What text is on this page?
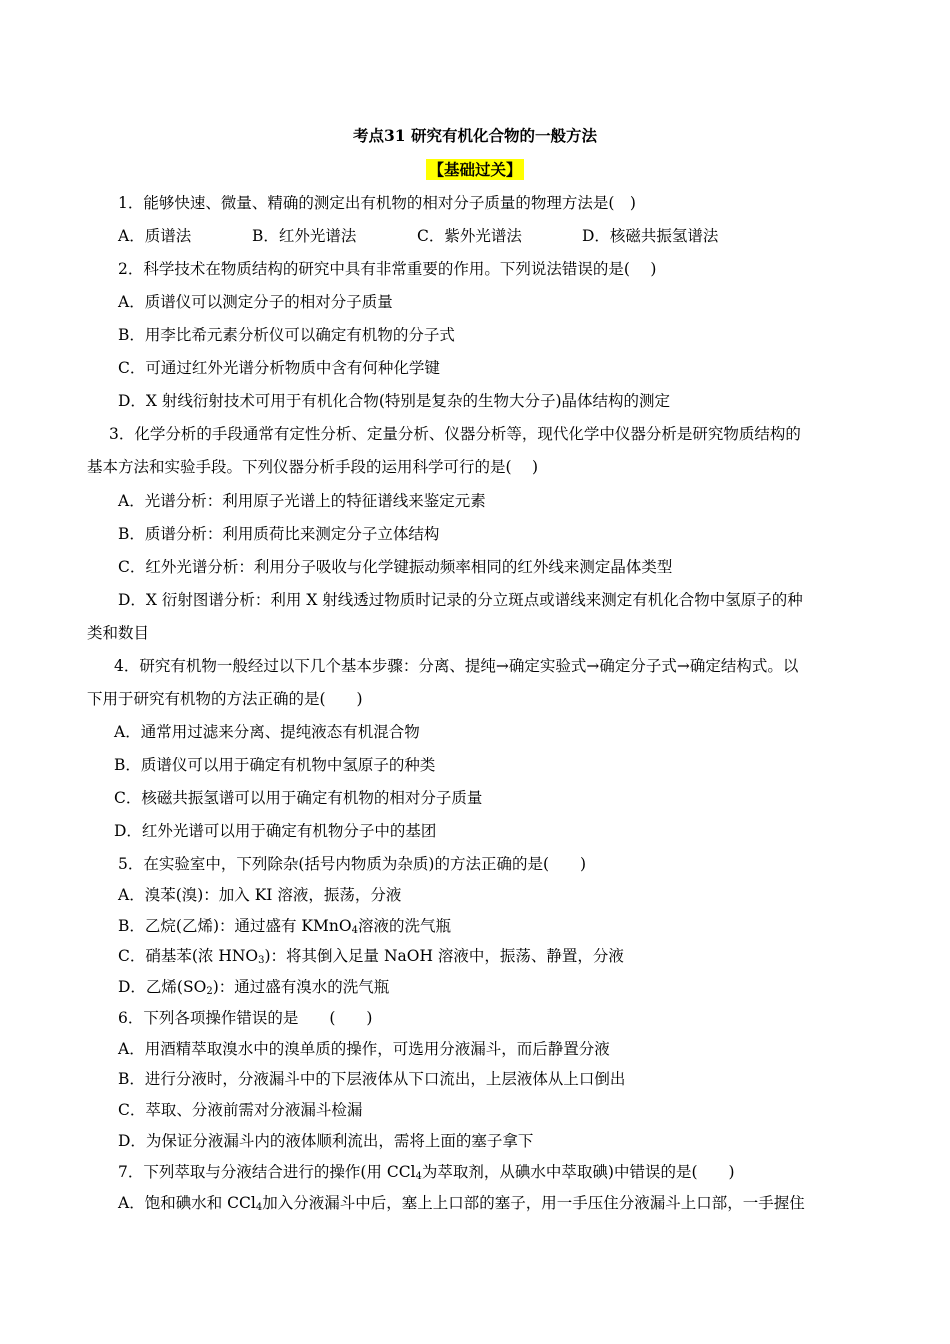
考点31 研究有机化合物的一般方法
【基础过关】
1．能够快速、微量、精确的测定出有机物的相对分子质量的物理方法是(　)
A．质谱法	B．红外光谱法	C．紫外光谱法	D．核磁共振氢谱法
2．科学技术在物质结构的研究中具有非常重要的作用。下列说法错误的是(　 )
A．质谱仪可以测定分子的相对分子质量
B．用李比希元素分析仪可以确定有机物的分子式
C．可通过红外光谱分析物质中含有何种化学键
D．X 射线衍射技术可用于有机化合物(特别是复杂的生物大分子)晶体结构的测定
3．化学分析的手段通常有定性分析、定量分析、仪器分析等，现代化学中仪器分析是研究物质结构的
基本方法和实验手段。下列仪器分析手段的运用科学可行的是(　 )
A．光谱分析：利用原子光谱上的特征谱线来鉴定元素
B．质谱分析：利用质荷比来测定分子立体结构
C．红外光谱分析：利用分子吸收与化学键振动频率相同的红外线来测定晶体类型
D．X 衍射图谱分析：利用 X 射线透过物质时记录的分立斑点或谱线来测定有机化合物中氢原子的种
类和数目
4．研究有机物一般经过以下几个基本步骤：分离、提纯→确定实验式→确定分子式→确定结构式。以
下用于研究有机物的方法正确的是(　　)
A．通常用过滤来分离、提纯液态有机混合物
B．质谱仪可以用于确定有机物中氢原子的种类
C．核磁共振氢谱可以用于确定有机物的相对分子质量
D．红外光谱可以用于确定有机物分子中的基团
5．在实验室中，下列除杂(括号内物质为杂质)的方法正确的是(　　)
A．溴苯(溴)：加入 KI 溶液，振荡，分液
B．乙烷(乙烯)：通过盛有 KMnO$_4$溶液的洗气瓶
C．硝基苯(浓 $HNO_3$)：将其倒入足量 NaOH 溶液中，振荡、静置，分液
D．乙烯$(SO_2)$：通过盛有溴水的洗气瓶
6．下列各项操作错误的是　　(　　)
A．用酒精萃取溴水中的溴单质的操作，可选用分液漏斗，而后静置分液
B．进行分液时，分液漏斗中的下层液体从下口流出，上层液体从上口倒出
C．萃取、分液前需对分液漏斗检漏
D．为保证分液漏斗内的液体顺利流出，需将上面的塞子拿下
7．下列萃取与分液结合进行的操作(用 CCl$_4$为萃取剂，从碘水中萃取碘)中错误的是(　　)
A．饱和碘水和 CCl$_4$加入分液漏斗中后，塞上上口部的塞子，用一手压住分液漏斗上口部，一手握住
